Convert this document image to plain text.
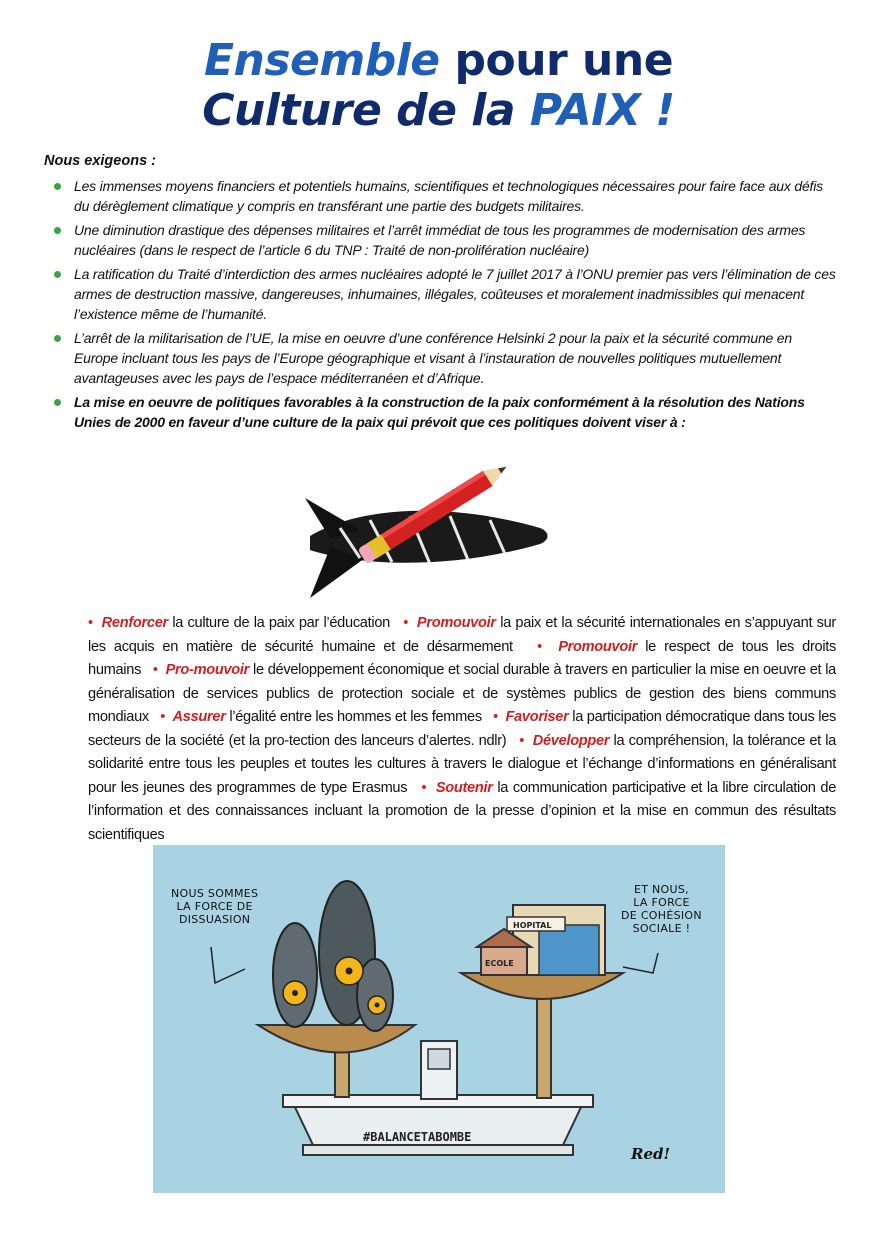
Ensemble pour une
Culture de la PAIX !
Nous exigeons :
Les immenses moyens financiers et potentiels humains, scientifiques et technologiques nécessaires pour faire face aux défis du dérèglement climatique y compris en transférant une partie des budgets militaires.
Une diminution drastique des dépenses militaires et l’arrêt immédiat de tous les programmes de modernisation des armes nucléaires (dans le respect de l’article 6 du TNP : Traité de non-prolifération nucléaire)
La ratification du Traité d’interdiction des armes nucléaires adopté le 7 juillet 2017 à l’ONU premier pas vers l’élimination de ces armes de destruction massive, dangereuses, inhumaines, illégales, coûteuses et moralement inadmissibles qui menacent l’existence même de l’humanité.
L’arrêt de la militarisation de l’UE, la mise en oeuvre d’une conférence Helsinki 2 pour la paix et la sécurité commune en Europe incluant tous les pays de l’Europe géographique et visant à l’instauration de nouvelles politiques mutuellement avantageuses avec les pays de l’espace méditerranéen et d’Afrique.
La mise en oeuvre de politiques favorables à la construction de la paix conformément à la résolution des Nations Unies de 2000 en faveur d’une culture de la paix qui prévoit que ces politiques doivent viser à :
•  Renforcer la culture de la paix par l’éducation •  Promouvoir la paix et la sécurité internationales en s’appuyant sur les acquis en matière de sécurité humaine et de désarmement •  Promouvoir le respect de tous les droits humains •  Pro-mouvoir le développement économique et social durable à travers en particulier la mise en oeuvre et la généralisation de services publics de protection sociale et de systèmes publics de gestion des biens communs mondiaux •  Assurer l’égalité entre les hommes et les femmes •  Favoriser la participation démocratique dans tous les secteurs de la société (et la pro-tection des lanceurs d’alertes. ndlr) •  Développer la compréhension, la tolérance et la solidarité entre tous les peuples et toutes les cultures à travers le dialogue et l’échange d’informations en généralisant pour les jeunes des programmes de type Erasmus •  Soutenir la communication participative et la libre circulation de l’information et des connaissances incluant la promotion de la presse d’opinion et la mise en commun des résultats scientifiques
NOUS SOMMES
LA FORCE DE
DISSUASION
ET NOUS,
LA FORCE
DE COHÉSION
SOCIALE !
HOPITAL
ECOLE
#BALANCETABOMBE
Red!
